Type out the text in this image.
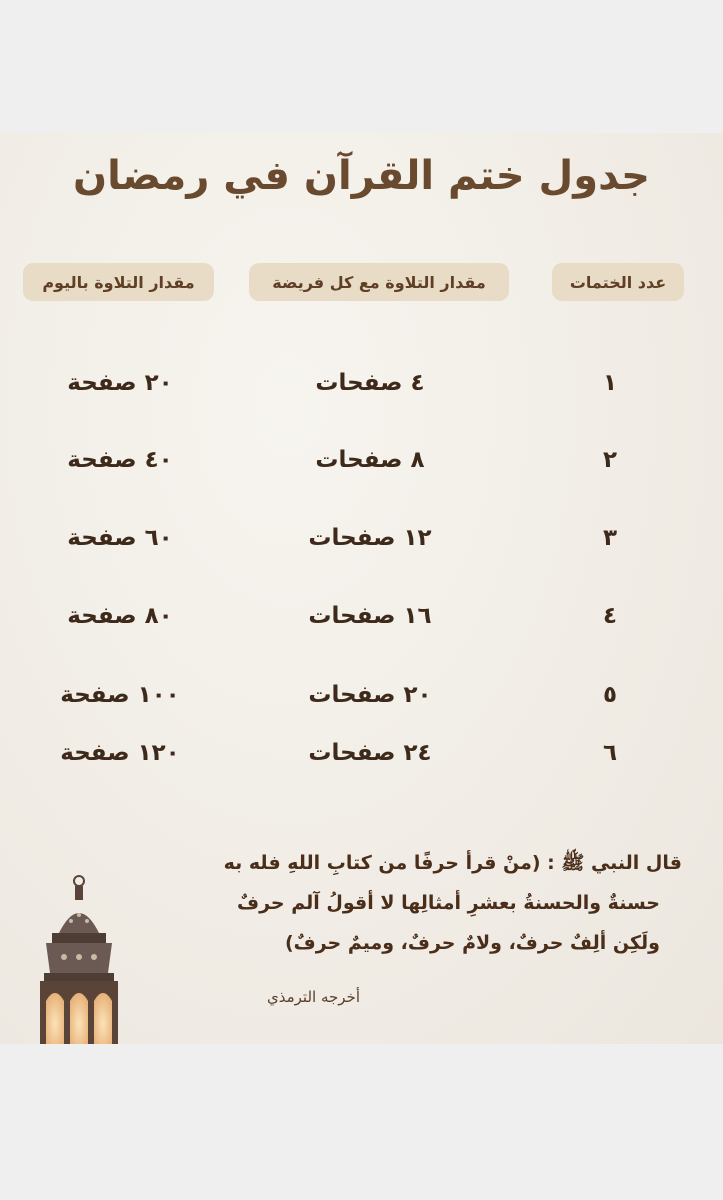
جدول ختم القرآن في رمضان
عدد الختمات
مقدار التلاوة مع كل فريضة
مقدار التلاوة باليوم
١
٤ صفحات
٢٠ صفحة
٢
٨ صفحات
٤٠ صفحة
٣
١٢ صفحات
٦٠ صفحة
٤
١٦ صفحات
٨٠ صفحة
٥
٢٠ صفحات
١٠٠ صفحة
٦
٢٤ صفحات
١٢٠ صفحة
قال النبي ﷺ : (منْ قرأ حرفًا من كتابِ اللهِ فله به
حسنةٌ والحسنةُ بعشرِ أمثالِها لا أقولُ آلم حرفٌ
ولَكِن ألِفٌ حرفٌ، ولامٌ حرفٌ، وميمٌ حرفٌ)
أخرجه الترمذي
